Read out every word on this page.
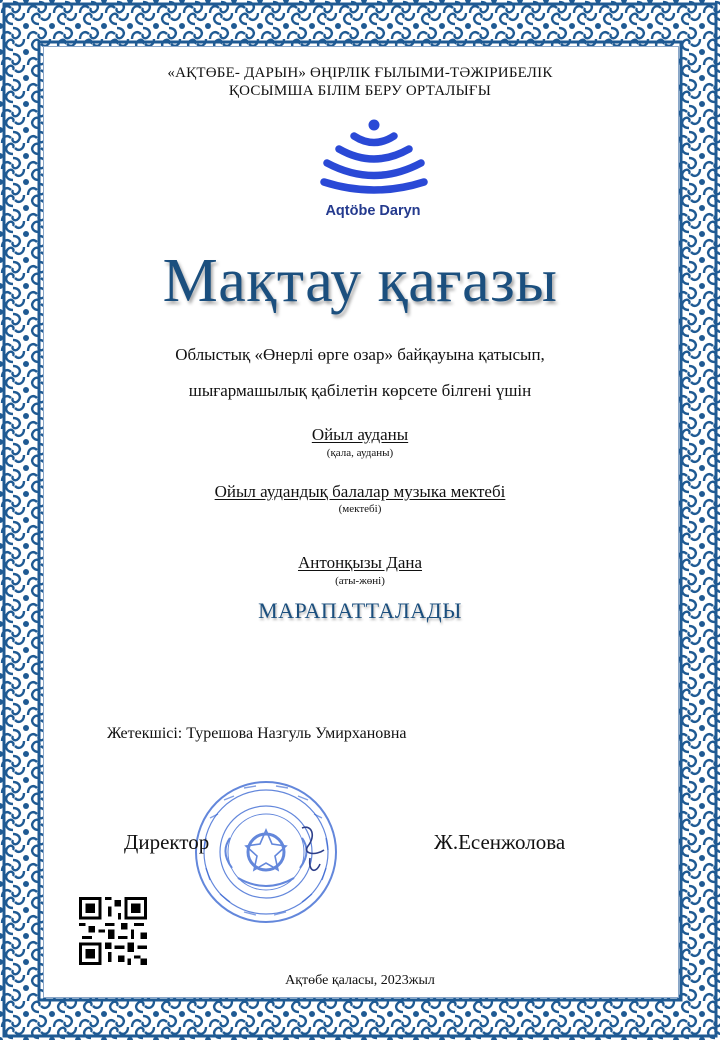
«АҚТӨБЕ- ДАРЫН» ӨҢІРЛІК ҒЫЛЫМИ-ТӘЖІРИБЕЛІК
ҚОСЫМША БІЛІМ БЕРУ ОРТАЛЫҒЫ
Aqtöbe Daryn
Мақтау қағазы
Облыстық «Өнерлі өрге озар» байқауына қатысып,
шығармашылық қабілетін көрсете білгені үшін
Ойыл ауданы
(қала, ауданы)
Ойыл аудандық балалар музыка мектебі
(мектебі)
Антонқызы Дана
(аты-жөні)
МАРАПАТТАЛАДЫ
Жетекшісі: Турешова Назгуль Умирхановна
Директор	Ж.Есенжолова
Ақтөбе қаласы, 2023жыл
